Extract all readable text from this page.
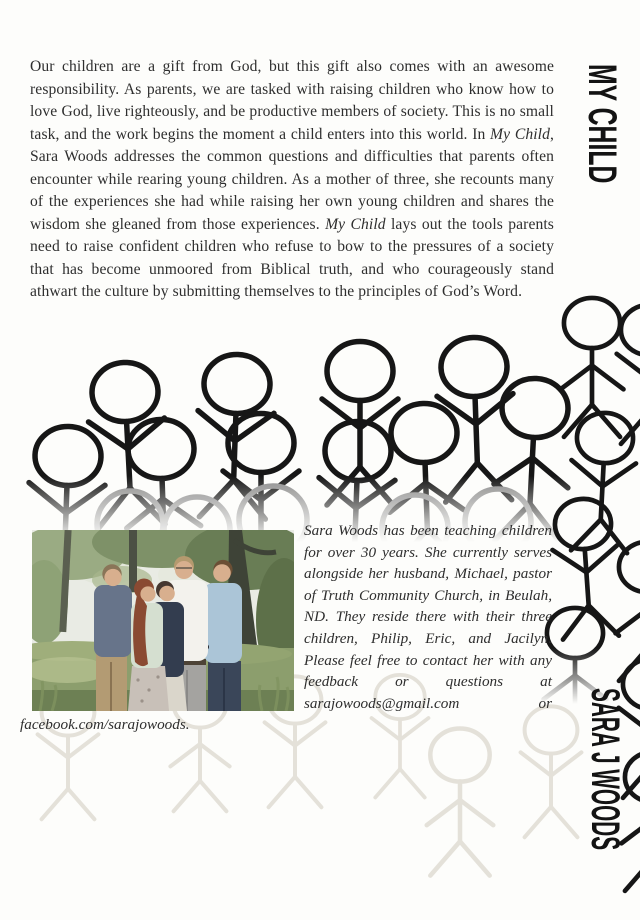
Our children are a gift from God, but this gift also comes with an awesome responsibility. As parents, we are tasked with raising children who know how to love God, live righteously, and be productive members of society. This is no small task, and the work begins the moment a child enters into this world. In My Child, Sara Woods addresses the common questions and difficulties that parents often encounter while rearing young children. As a mother of three, she recounts many of the experiences she had while raising her own young children and shares the wisdom she gleaned from those experiences. My Child lays out the tools parents need to raise confident children who refuse to bow to the pressures of a society that has become unmoored from Biblical truth, and who courageously stand athwart the culture by submitting themselves to the principles of God’s Word.

MY CHILD
SARA J WOODS

Sara Woods has been teaching children for over 30 years. She currently serves alongside her husband, Michael, pastor of Truth Community Church, in Beulah, ND. They reside there with their three children, Philip, Eric, and Jacilyn. Please feel free to contact her with any feedback or questions at sarajowoods@gmail.com or facebook.com/sarajowoods.
